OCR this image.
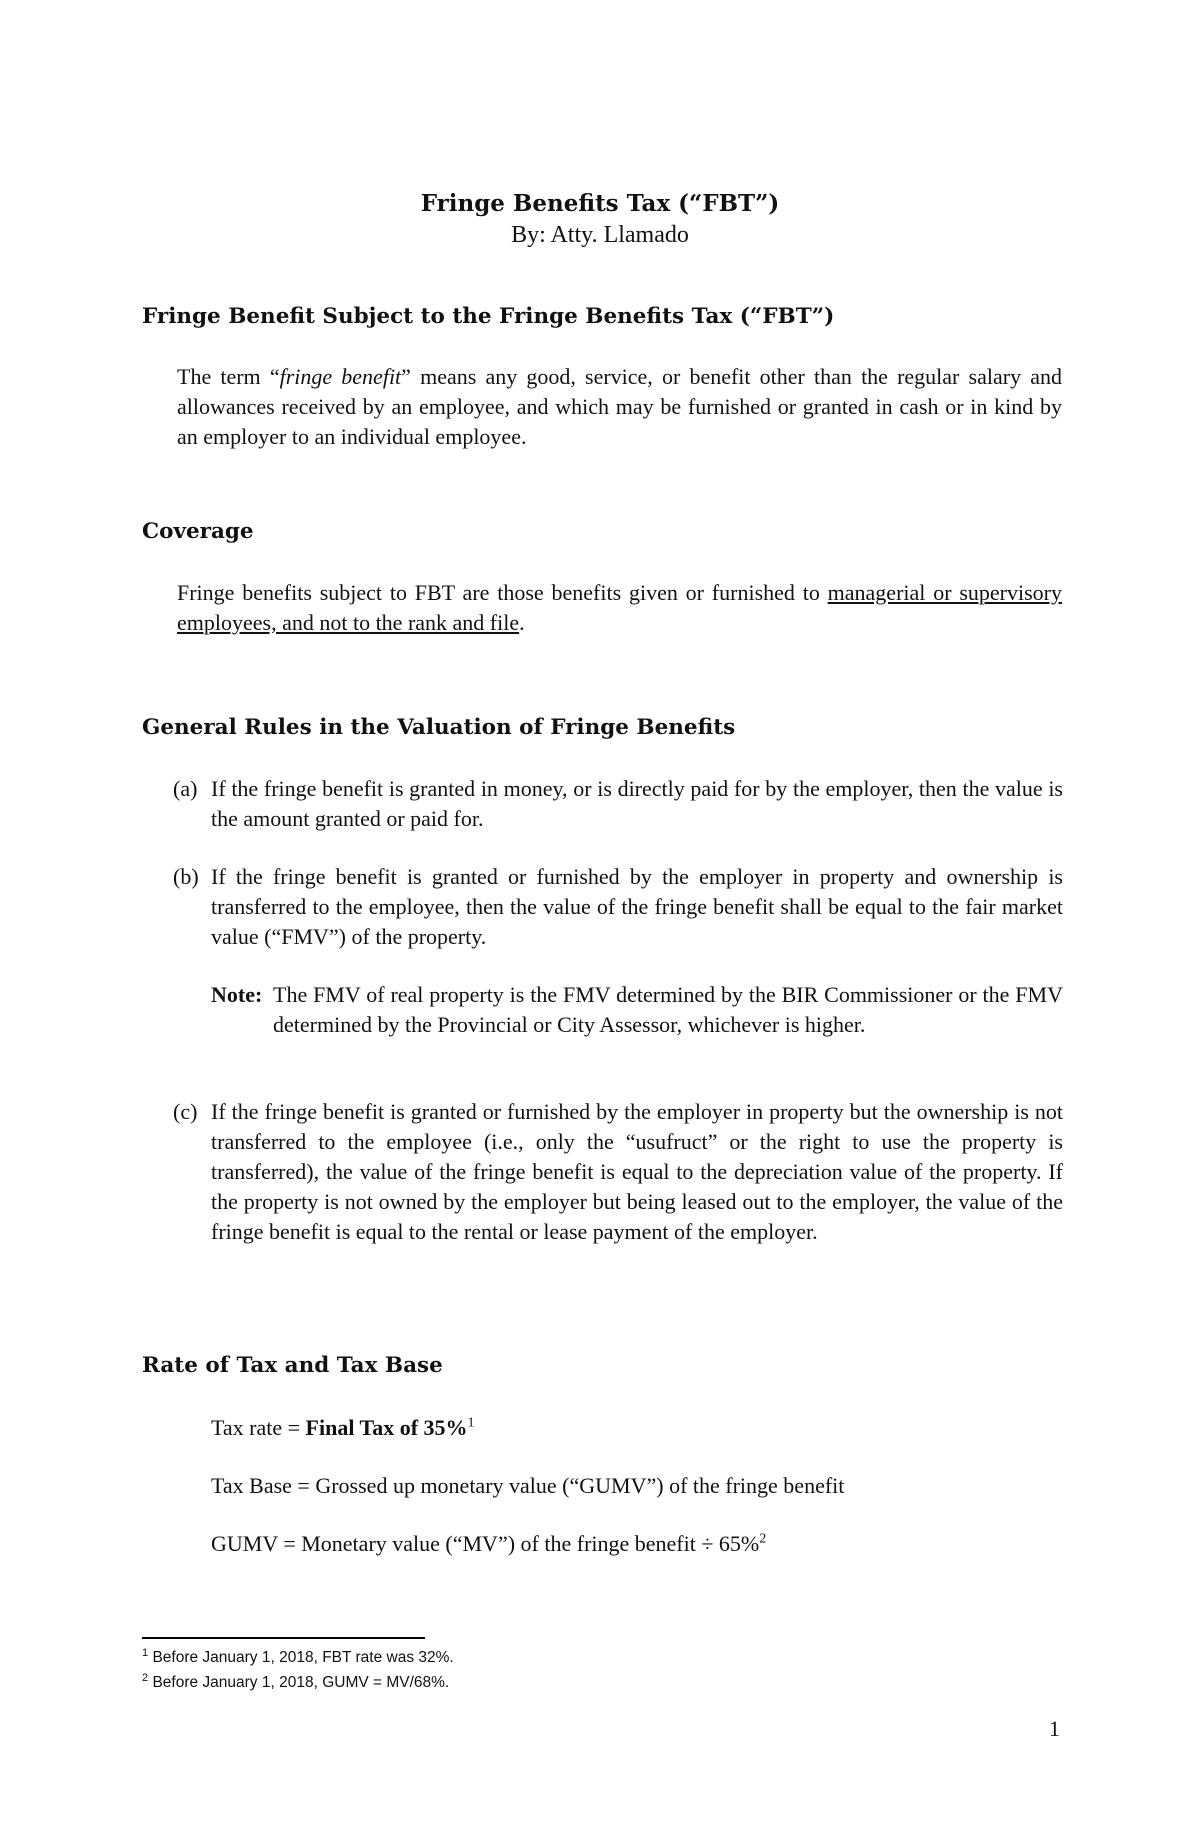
Fringe Benefits Tax (“FBT”)
By: Atty. Llamado
Fringe Benefit Subject to the Fringe Benefits Tax (“FBT”)
The term “fringe benefit” means any good, service, or benefit other than the regular salary and allowances received by an employee, and which may be furnished or granted in cash or in kind by an employer to an individual employee.
Coverage
Fringe benefits subject to FBT are those benefits given or furnished to managerial or supervisory employees, and not to the rank and file.
General Rules in the Valuation of Fringe Benefits
(a) If the fringe benefit is granted in money, or is directly paid for by the employer, then the value is the amount granted or paid for.
(b) If the fringe benefit is granted or furnished by the employer in property and ownership is transferred to the employee, then the value of the fringe benefit shall be equal to the fair market value (“FMV”) of the property.
Note: The FMV of real property is the FMV determined by the BIR Commissioner or the FMV determined by the Provincial or City Assessor, whichever is higher.
(c) If the fringe benefit is granted or furnished by the employer in property but the ownership is not transferred to the employee (i.e., only the “usufruct” or the right to use the property is transferred), the value of the fringe benefit is equal to the depreciation value of the property. If the property is not owned by the employer but being leased out to the employer, the value of the fringe benefit is equal to the rental or lease payment of the employer.
Rate of Tax and Tax Base
Tax rate = Final Tax of 35%$^1$
Tax Base = Grossed up monetary value (“GUMV”) of the fringe benefit
GUMV = Monetary value (“MV”) of the fringe benefit ÷ 65%$^2$
$^1$ Before January 1, 2018, FBT rate was 32%.
$^2$ Before January 1, 2018, GUMV = MV/68%.
1
